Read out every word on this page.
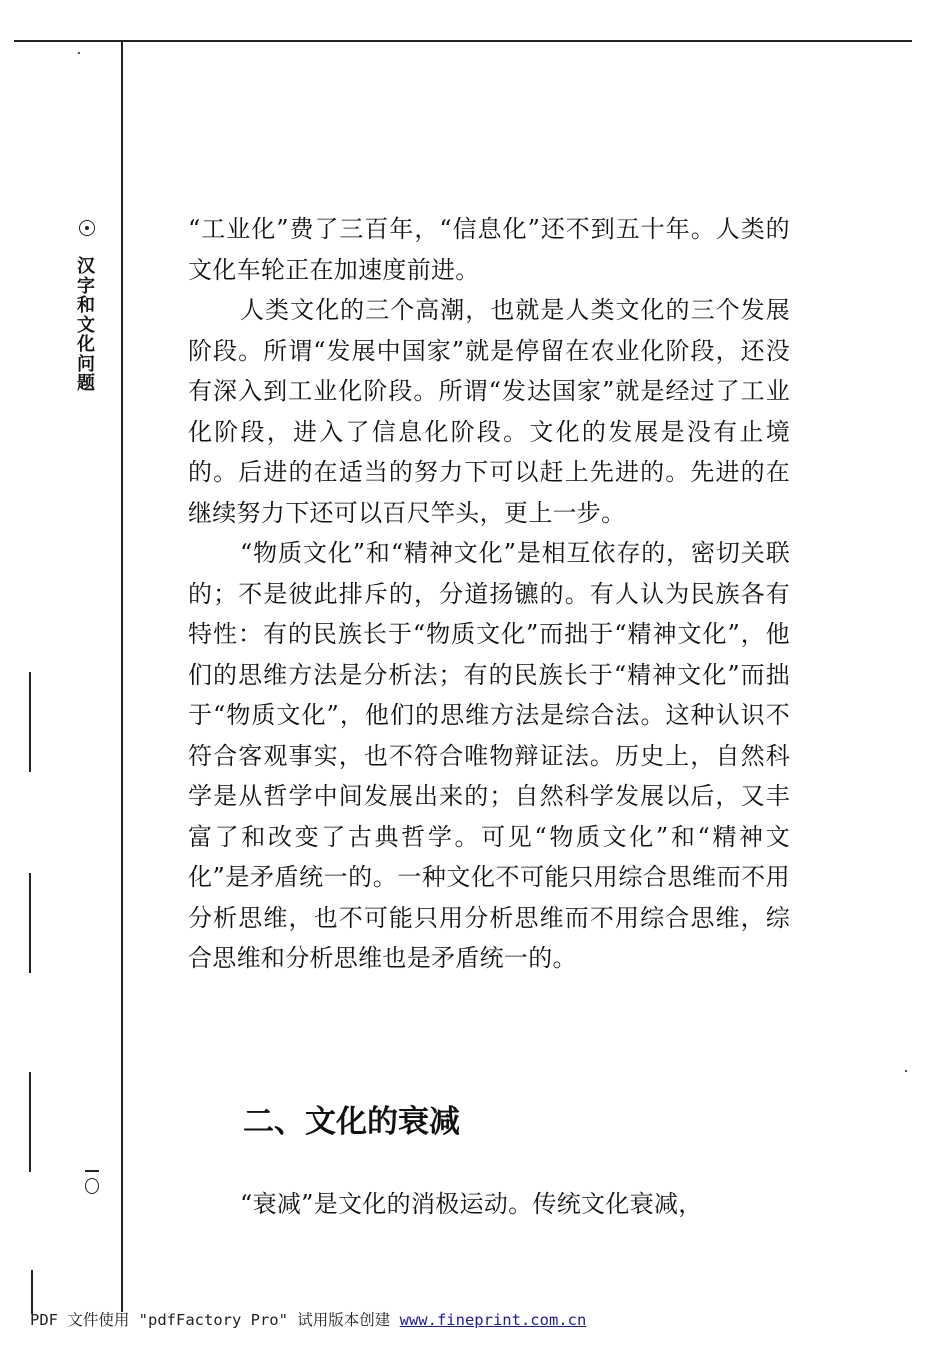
汉字和文化问题

“工业化”费了三百年，“信息化”还不到五十年。人类的文化车轮正在加速度前进。

人类文化的三个高潮，也就是人类文化的三个发展阶段。所谓“发展中国家”就是停留在农业化阶段，还没有深入到工业化阶段。所谓“发达国家”就是经过了工业化阶段，进入了信息化阶段。文化的发展是没有止境的。后进的在适当的努力下可以赶上先进的。先进的在继续努力下还可以百尺竿头，更上一步。

“物质文化”和“精神文化”是相互依存的，密切关联的；不是彼此排斥的，分道扬镳的。有人认为民族各有特性：有的民族长于“物质文化”而拙于“精神文化”，他们的思维方法是分析法；有的民族长于“精神文化”而拙于“物质文化”，他们的思维方法是综合法。这种认识不符合客观事实，也不符合唯物辩证法。历史上，自然科学是从哲学中间发展出来的；自然科学发展以后，又丰富了和改变了古典哲学。可见“物质文化”和“精神文化”是矛盾统一的。一种文化不可能只用综合思维而不用分析思维，也不可能只用分析思维而不用综合思维，综合思维和分析思维也是矛盾统一的。

二、文化的衰减

“衰减”是文化的消极运动。传统文化衰减，

PDF 文件使用 "pdfFactory Pro" 试用版本创建 www.fineprint.com.cn
